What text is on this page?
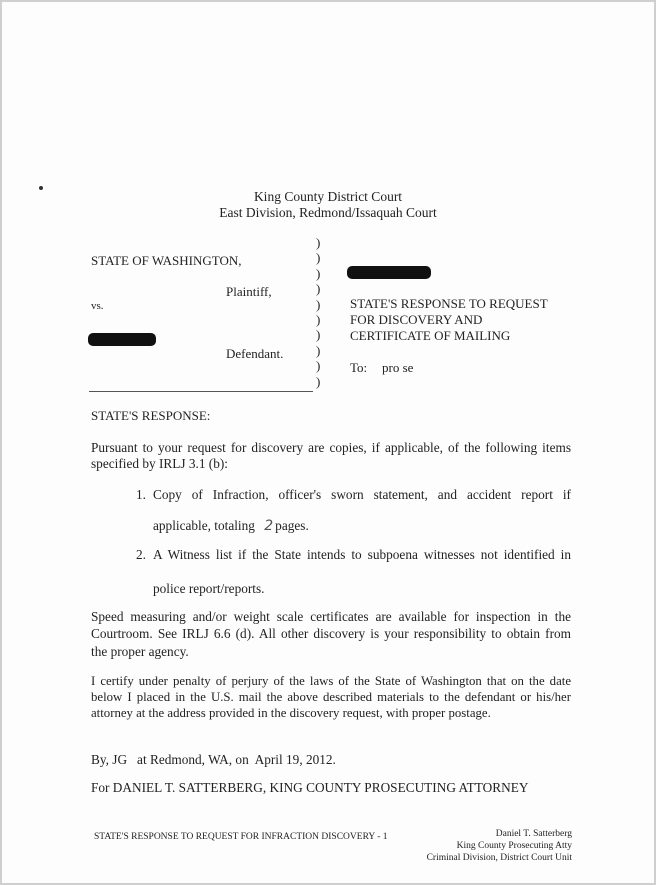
King County District Court
East Division, Redmond/Issaquah Court
STATE OF WASHINGTON,
Plaintiff,
vs.
Defendant.
)
)
)
)
)
)
)
)
)
)
STATE'S RESPONSE TO REQUEST
FOR DISCOVERY AND
CERTIFICATE OF MAILING
To: pro se
STATE'S RESPONSE:
Pursuant to your request for discovery are copies, if applicable, of the following items
specified by IRLJ 3.1 (b):
1. Copy of Infraction, officer's sworn statement, and accident report if
applicable, totaling 2 pages.
2. A Witness list if the State intends to subpoena witnesses not identified in
police report/reports.
Speed measuring and/or weight scale certificates are available for inspection in the
Courtroom. See IRLJ 6.6 (d). All other discovery is your responsibility to obtain from
the proper agency.
I certify under penalty of perjury of the laws of the State of Washington that on the date
below I placed in the U.S. mail the above described materials to the defendant or his/her
attorney at the address provided in the discovery request, with proper postage.
By, JG   at Redmond, WA, on  April 19, 2012.
For DANIEL T. SATTERBERG, KING COUNTY PROSECUTING ATTORNEY
STATE'S RESPONSE TO REQUEST FOR INFRACTION DISCOVERY - 1	Daniel T. Satterberg
King County Prosecuting Atty
Criminal Division, District Court Unit
